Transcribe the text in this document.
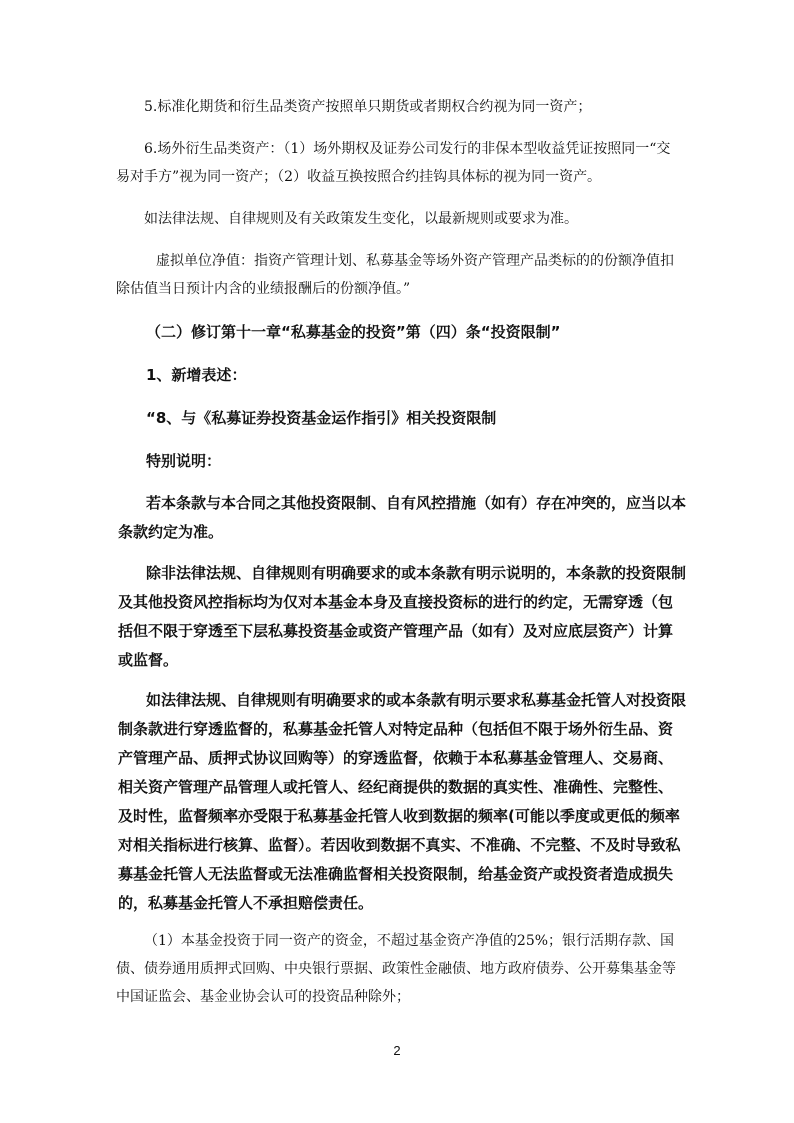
5.标准化期货和衍生品类资产按照单只期货或者期权合约视为同一资产；

6.场外衍生品类资产：（1）场外期权及证券公司发行的非保本型收益凭证按照同一“交易对手方”视为同一资产；（2）收益互换按照合约挂钩具体标的视为同一资产。

如法律法规、自律规则及有关政策发生变化，以最新规则或要求为准。

虚拟单位净值：指资产管理计划、私募基金等场外资产管理产品类标的的份额净值扣除估值当日预计内含的业绩报酬后的份额净值。”

（二）修订第十一章“私募基金的投资”第（四）条“投资限制”

1、新增表述：

“8、与《私募证券投资基金运作指引》相关投资限制

特别说明：

若本条款与本合同之其他投资限制、自有风控措施（如有）存在冲突的，应当以本条款约定为准。

除非法律法规、自律规则有明确要求的或本条款有明示说明的，本条款的投资限制及其他投资风控指标均为仅对本基金本身及直接投资标的进行的约定，无需穿透（包括但不限于穿透至下层私募投资基金或资产管理产品（如有）及对应底层资产）计算或监督。

如法律法规、自律规则有明确要求的或本条款有明示要求私募基金托管人对投资限制条款进行穿透监督的，私募基金托管人对特定品种（包括但不限于场外衍生品、资产管理产品、质押式协议回购等）的穿透监督，依赖于本私募基金管理人、交易商、相关资产管理产品管理人或托管人、经纪商提供的数据的真实性、准确性、完整性、及时性，监督频率亦受限于私募基金托管人收到数据的频率(可能以季度或更低的频率对相关指标进行核算、监督）。若因收到数据不真实、不准确、不完整、不及时导致私募基金托管人无法监督或无法准确监督相关投资限制，给基金资产或投资者造成损失的，私募基金托管人不承担赔偿责任。

（1）本基金投资于同一资产的资金，不超过基金资产净值的25%；银行活期存款、国债、债券通用质押式回购、中央银行票据、政策性金融债、地方政府债券、公开募集基金等中国证监会、基金业协会认可的投资品种除外；

2
